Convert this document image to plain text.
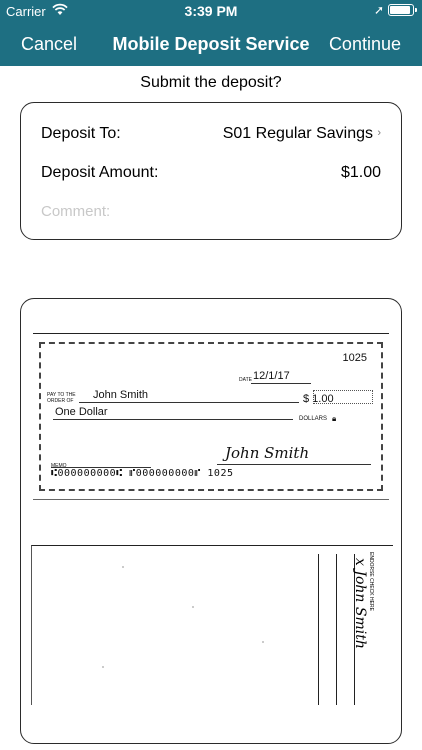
Carrier	3:39 PM	➚
Cancel	Mobile Deposit Service	Continue
Submit the deposit?
Deposit To:	S01 Regular Savings ›
Deposit Amount:	$1.00
Comment:
1025
DATE 12/1/17
PAY TO THE ORDER OF	John Smith	$ 1.00
One Dollar
DOLLARS 🔒︎
MEMO
John Smith
⑆000000000⑆ ⑈000000000⑈ 1025
ENDORSE CHECK HERE
x John Smith
